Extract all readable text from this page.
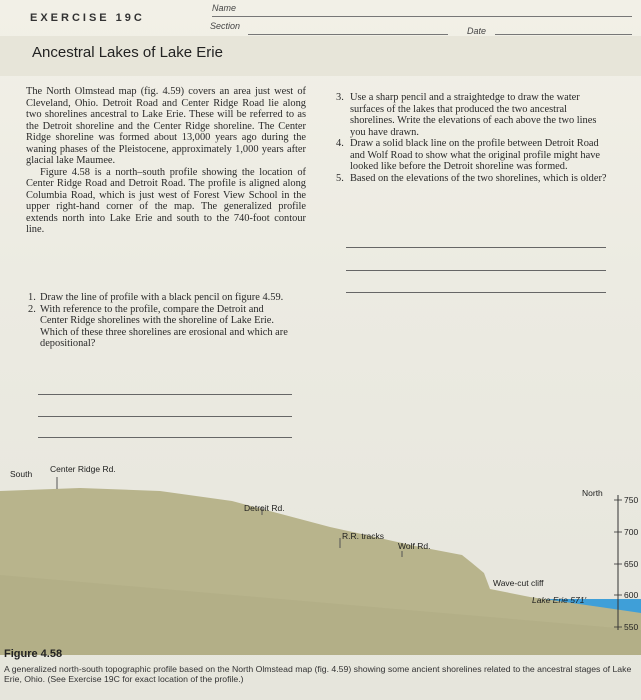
EXERCISE 19C
Name
Section	Date
Ancestral Lakes of Lake Erie

The North Olmstead map (fig. 4.59) covers an area just west of Cleveland, Ohio. Detroit Road and Center Ridge Road lie along two shorelines ancestral to Lake Erie. These will be referred to as the Detroit shoreline and the Center Ridge shoreline. The Center Ridge shoreline was formed about 13,000 years ago during the waning phases of the Pleistocene, approximately 1,000 years after glacial lake Maumee.

Figure 4.58 is a north–south profile showing the location of Center Ridge Road and Detroit Road. The profile is aligned along Columbia Road, which is just west of Forest View School in the upper right-hand corner of the map. The generalized profile extends north into Lake Erie and south to the 740-foot contour line.

1. Draw the line of profile with a black pencil on figure 4.59.
2. With reference to the profile, compare the Detroit and Center Ridge shorelines with the shoreline of Lake Erie. Which of these three shorelines are erosional and which are depositional?
3. Use a sharp pencil and a straightedge to draw the water surfaces of the lakes that produced the two ancestral shorelines. Write the elevations of each above the two lines you have drawn.
4. Draw a solid black line on the profile between Detroit Road and Wolf Road to show what the original profile might have looked like before the Detroit shoreline was formed.
5. Based on the elevations of the two shorelines, which is older?
South Center Ridge Rd.
North
Detroit Rd.
R.R. tracks
Wolf Rd.
Wave-cut cliff
Lake Erie 571'
750
700
650
600
550
Figure 4.58
A generalized north-south topographic profile based on the North Olmstead map (fig. 4.59) showing some ancient shorelines related to the ancestral stages of Lake Erie, Ohio. (See Exercise 19C for exact location of the profile.)
